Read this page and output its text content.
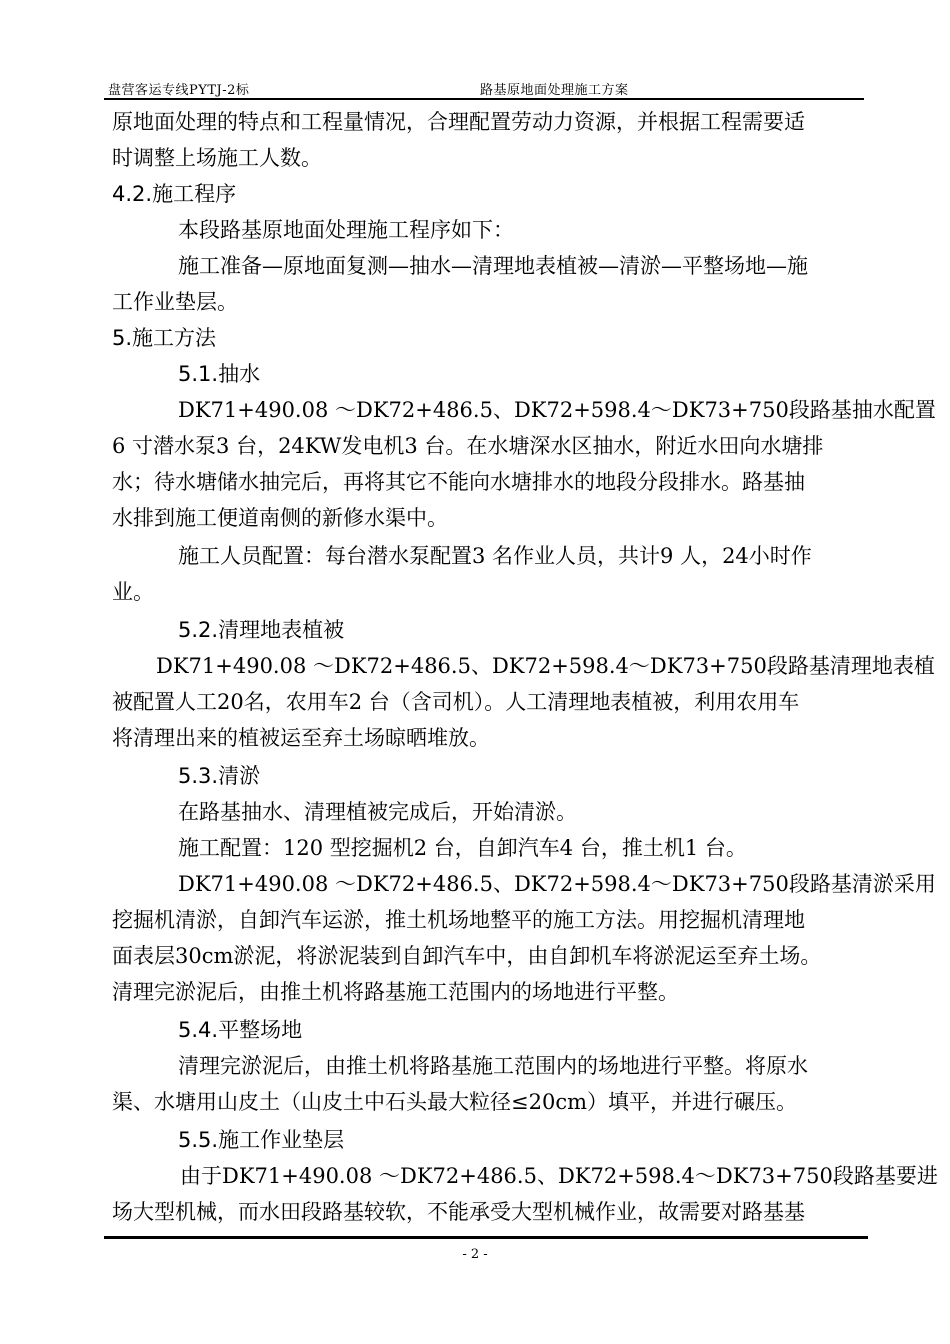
盘营客运专线PYTJ-2标	路基原地面处理施工方案
原地面处理的特点和工程量情况，合理配置劳动力资源，并根据工程需要适
时调整上场施工人数。
4.2.施工程序
本段路基原地面处理施工程序如下：
施工准备—原地面复测—抽水—清理地表植被—清淤—平整场地—施
工作业垫层。
5.施工方法
5.1.抽水
DK71+490.08 ～DK72+486.5、DK72+598.4～DK73+750段路基抽水配置
6 寸潜水泵3 台，24KW发电机3 台。在水塘深水区抽水，附近水田向水塘排
水；待水塘储水抽完后，再将其它不能向水塘排水的地段分段排水。路基抽
水排到施工便道南侧的新修水渠中。
施工人员配置：每台潜水泵配置3 名作业人员，共计9 人，24小时作
业。
5.2.清理地表植被
DK71+490.08 ～DK72+486.5、DK72+598.4～DK73+750段路基清理地表植
被配置人工20名，农用车2 台（含司机）。人工清理地表植被，利用农用车
将清理出来的植被运至弃土场晾晒堆放。
5.3.清淤
在路基抽水、清理植被完成后，开始清淤。
施工配置：120 型挖掘机2 台，自卸汽车4 台，推土机1 台。
DK71+490.08 ～DK72+486.5、DK72+598.4～DK73+750段路基清淤采用
挖掘机清淤，自卸汽车运淤，推土机场地整平的施工方法。用挖掘机清理地
面表层30cm淤泥，将淤泥装到自卸汽车中，由自卸机车将淤泥运至弃土场。
清理完淤泥后，由推土机将路基施工范围内的场地进行平整。
5.4.平整场地
清理完淤泥后，由推土机将路基施工范围内的场地进行平整。将原水
渠、水塘用山皮土（山皮土中石头最大粒径≤20cm）填平，并进行碾压。
5.5.施工作业垫层
由于DK71+490.08 ～DK72+486.5、DK72+598.4～DK73+750段路基要进
场大型机械，而水田段路基较软，不能承受大型机械作业，故需要对路基基
- 2 -
